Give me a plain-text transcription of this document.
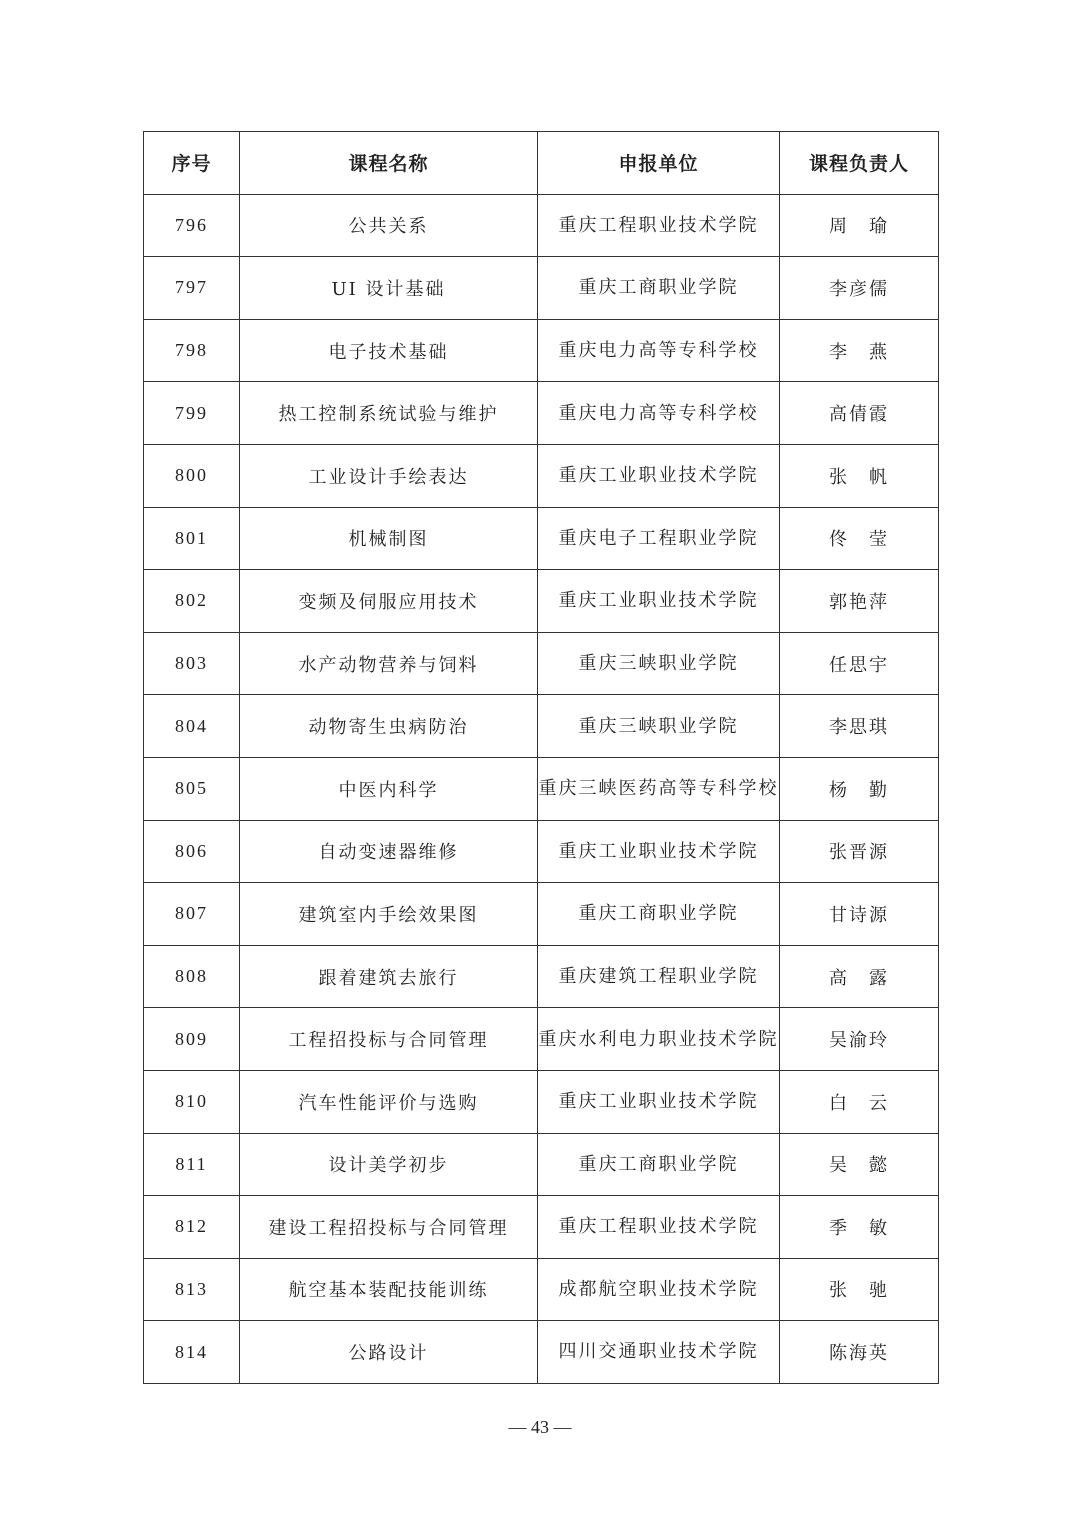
序号	课程名称	申报单位	课程负责人
796	公共关系	重庆工程职业技术学院	周　瑜
797	UI 设计基础	重庆工商职业学院	李彦儒
798	电子技术基础	重庆电力高等专科学校	李　燕
799	热工控制系统试验与维护	重庆电力高等专科学校	高倩霞
800	工业设计手绘表达	重庆工业职业技术学院	张　帆
801	机械制图	重庆电子工程职业学院	佟　莹
802	变频及伺服应用技术	重庆工业职业技术学院	郭艳萍
803	水产动物营养与饲料	重庆三峡职业学院	任思宇
804	动物寄生虫病防治	重庆三峡职业学院	李思琪
805	中医内科学	重庆三峡医药高等专科学校	杨　勤
806	自动变速器维修	重庆工业职业技术学院	张晋源
807	建筑室内手绘效果图	重庆工商职业学院	甘诗源
808	跟着建筑去旅行	重庆建筑工程职业学院	高　露
809	工程招投标与合同管理	重庆水利电力职业技术学院	吴渝玲
810	汽车性能评价与选购	重庆工业职业技术学院	白　云
811	设计美学初步	重庆工商职业学院	吴　懿
812	建设工程招投标与合同管理	重庆工程职业技术学院	季　敏
813	航空基本装配技能训练	成都航空职业技术学院	张　驰
814	公路设计	四川交通职业技术学院	陈海英
— 43 —
